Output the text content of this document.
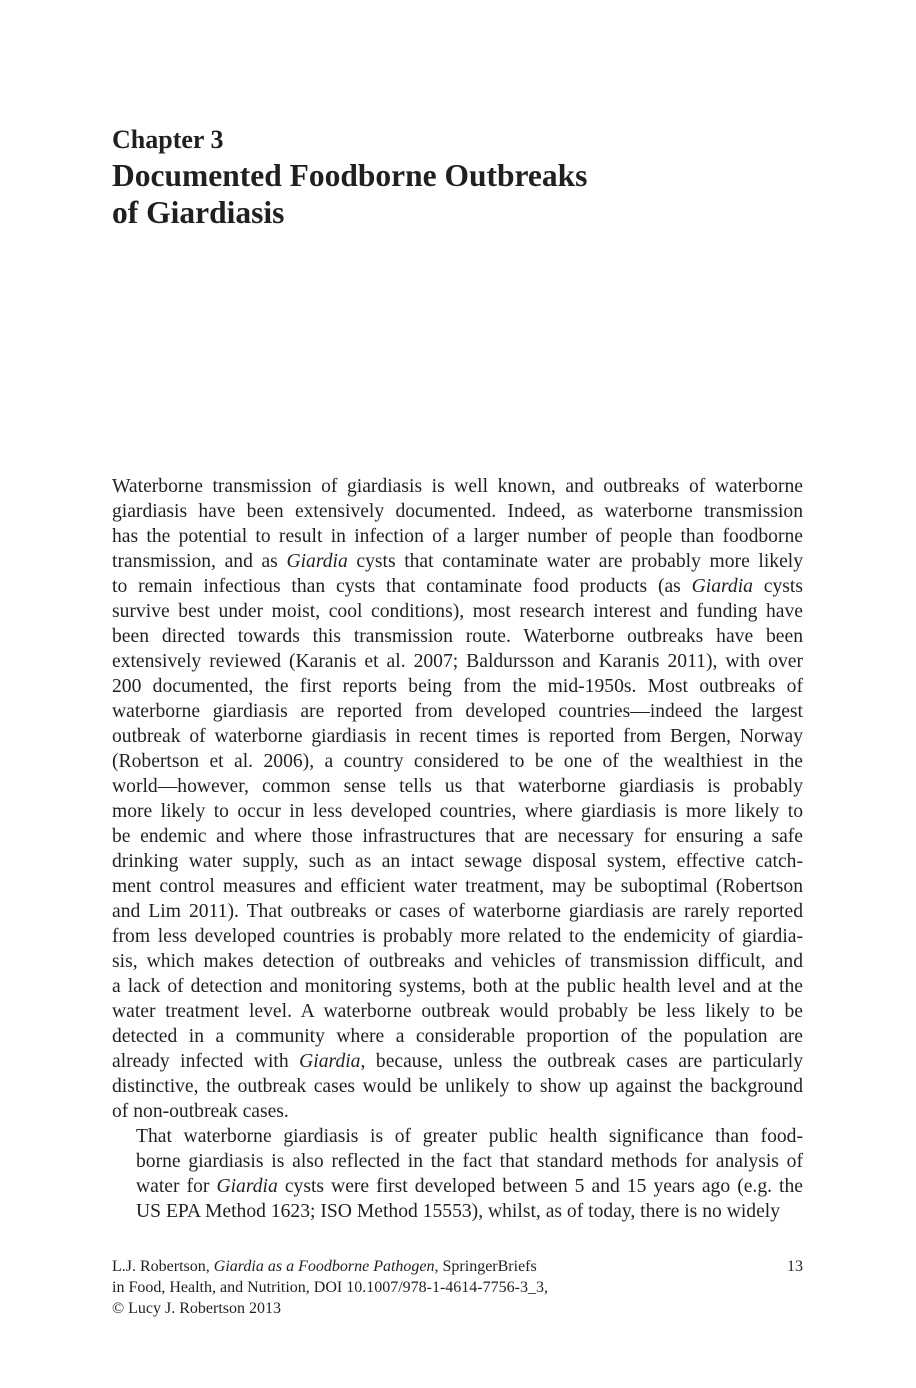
Chapter 3
Documented Foodborne Outbreaks
of Giardiasis

Waterborne transmission of giardiasis is well known, and outbreaks of waterborne
giardiasis have been extensively documented. Indeed, as waterborne transmission
has the potential to result in infection of a larger number of people than foodborne
transmission, and as Giardia cysts that contaminate water are probably more likely
to remain infectious than cysts that contaminate food products (as Giardia cysts
survive best under moist, cool conditions), most research interest and funding have
been directed towards this transmission route. Waterborne outbreaks have been
extensively reviewed (Karanis et al. 2007; Baldursson and Karanis 2011), with over
200 documented, the first reports being from the mid-1950s. Most outbreaks of
waterborne giardiasis are reported from developed countries—indeed the largest
outbreak of waterborne giardiasis in recent times is reported from Bergen, Norway
(Robertson et al. 2006), a country considered to be one of the wealthiest in the
world—however, common sense tells us that waterborne giardiasis is probably
more likely to occur in less developed countries, where giardiasis is more likely to
be endemic and where those infrastructures that are necessary for ensuring a safe
drinking water supply, such as an intact sewage disposal system, effective catch-
ment control measures and efficient water treatment, may be suboptimal (Robertson
and Lim 2011). That outbreaks or cases of waterborne giardiasis are rarely reported
from less developed countries is probably more related to the endemicity of giardia-
sis, which makes detection of outbreaks and vehicles of transmission difficult, and
a lack of detection and monitoring systems, both at the public health level and at the
water treatment level. A waterborne outbreak would probably be less likely to be
detected in a community where a considerable proportion of the population are
already infected with Giardia, because, unless the outbreak cases are particularly
distinctive, the outbreak cases would be unlikely to show up against the background
of non-outbreak cases.

That waterborne giardiasis is of greater public health significance than food-
borne giardiasis is also reflected in the fact that standard methods for analysis of
water for Giardia cysts were first developed between 5 and 15 years ago (e.g. the
US EPA Method 1623; ISO Method 15553), whilst, as of today, there is no widely

L.J. Robertson, Giardia as a Foodborne Pathogen, SpringerBriefs
in Food, Health, and Nutrition, DOI 10.1007/978-1-4614-7756-3_3,
© Lucy J. Robertson 2013
13
